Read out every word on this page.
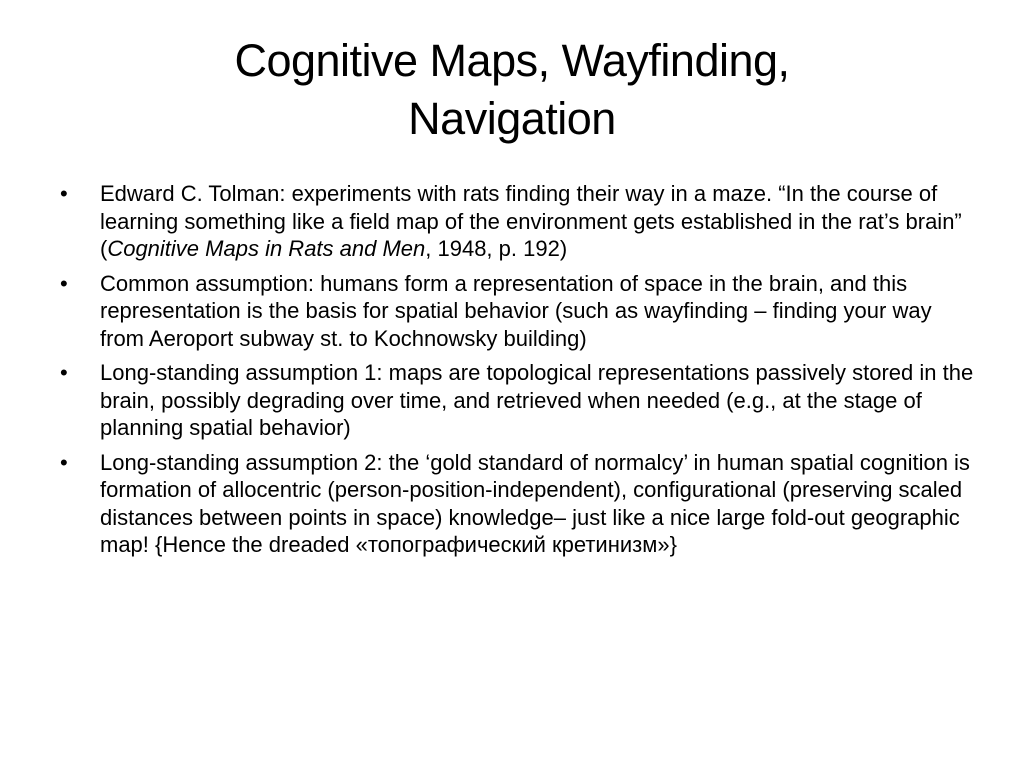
Cognitive Maps, Wayfinding,
Navigation
•	Edward C. Tolman: experiments with rats finding their way in a maze. “In the course of learning something like a field map of the environment gets established in the rat’s brain” (Cognitive Maps in Rats and Men, 1948, p. 192)
•	Common assumption: humans form a representation of space in the brain, and this representation is the basis for spatial behavior (such as wayfinding – finding your way from Aeroport subway st. to Kochnowsky building)
•	Long-standing assumption 1: maps are topological representations passively stored in the brain, possibly degrading over time, and retrieved when needed (e.g., at the stage of planning spatial behavior)
•	Long-standing assumption 2: the ‘gold standard of normalcy’ in human spatial cognition is formation of allocentric (person-position-independent), configurational (preserving scaled distances between points in space) knowledge– just like a nice large fold-out geographic map! {Hence the dreaded «топографический кретинизм»}
